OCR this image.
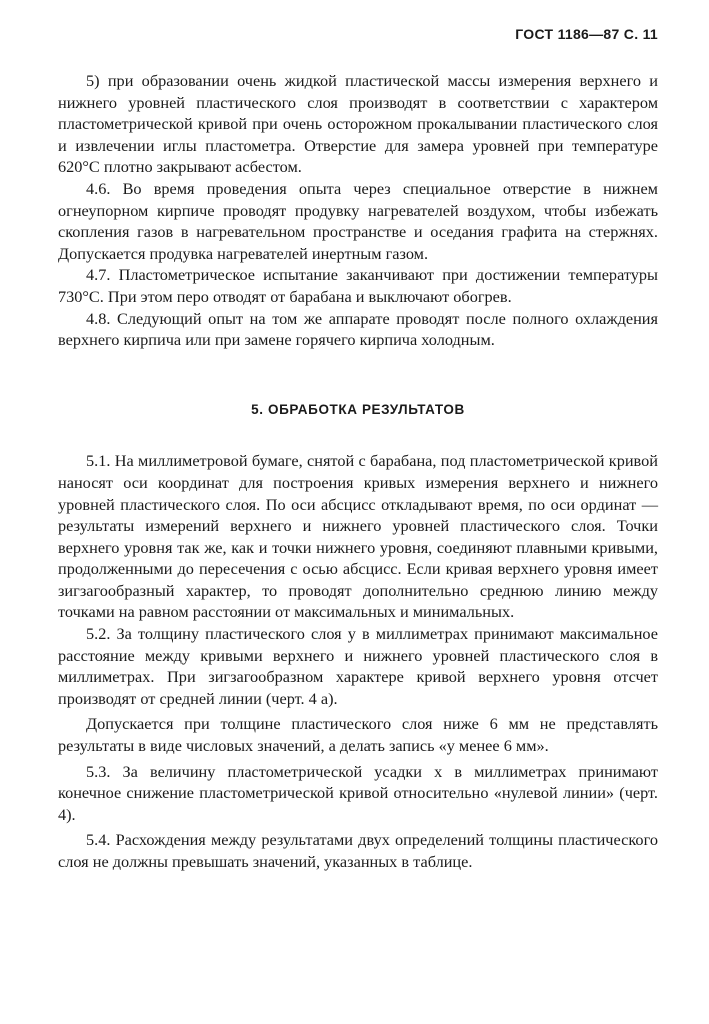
ГОСТ 1186—87 С. 11

5) при образовании очень жидкой пластической массы измерения верхнего и нижнего уровней пластического слоя производят в соответствии с характером пластометрической кривой при очень осторожном прокалывании пластического слоя и извлечении иглы пластометра. Отверстие для замера уровней при температуре 620°С плотно закрывают асбестом.

4.6. Во время проведения опыта через специальное отверстие в нижнем огнеупорном кирпиче проводят продувку нагревателей воздухом, чтобы избежать скопления газов в нагревательном пространстве и оседания графита на стержнях. Допускается продувка нагревателей инертным газом.

4.7. Пластометрическое испытание заканчивают при достижении температуры 730°С. При этом перо отводят от барабана и выключают обогрев.

4.8. Следующий опыт на том же аппарате проводят после полного охлаждения верхнего кирпича или при замене горячего кирпича холодным.

5. ОБРАБОТКА РЕЗУЛЬТАТОВ

5.1. На миллиметровой бумаге, снятой с барабана, под пластометрической кривой наносят оси координат для построения кривых измерения верхнего и нижнего уровней пластического слоя. По оси абсцисс откладывают время, по оси ординат — результаты измерений верхнего и нижнего уровней пластического слоя. Точки верхнего уровня так же, как и точки нижнего уровня, соединяют плавными кривыми, продолженными до пересечения с осью абсцисс. Если кривая верхнего уровня имеет зигзагообразный характер, то проводят дополнительно среднюю линию между точками на равном расстоянии от максимальных и минимальных.

5.2. За толщину пластического слоя у в миллиметрах принимают максимальное расстояние между кривыми верхнего и нижнего уровней пластического слоя в миллиметрах. При зигзагообразном характере кривой верхнего уровня отсчет производят от средней линии (черт. 4 а).

Допускается при толщине пластического слоя ниже 6 мм не представлять результаты в виде числовых значений, а делать запись «у менее 6 мм».

5.3. За величину пластометрической усадки х в миллиметрах принимают конечное снижение пластометрической кривой относительно «нулевой линии» (черт. 4).

5.4. Расхождения между результатами двух определений толщины пластического слоя не должны превышать значений, указанных в таблице.
